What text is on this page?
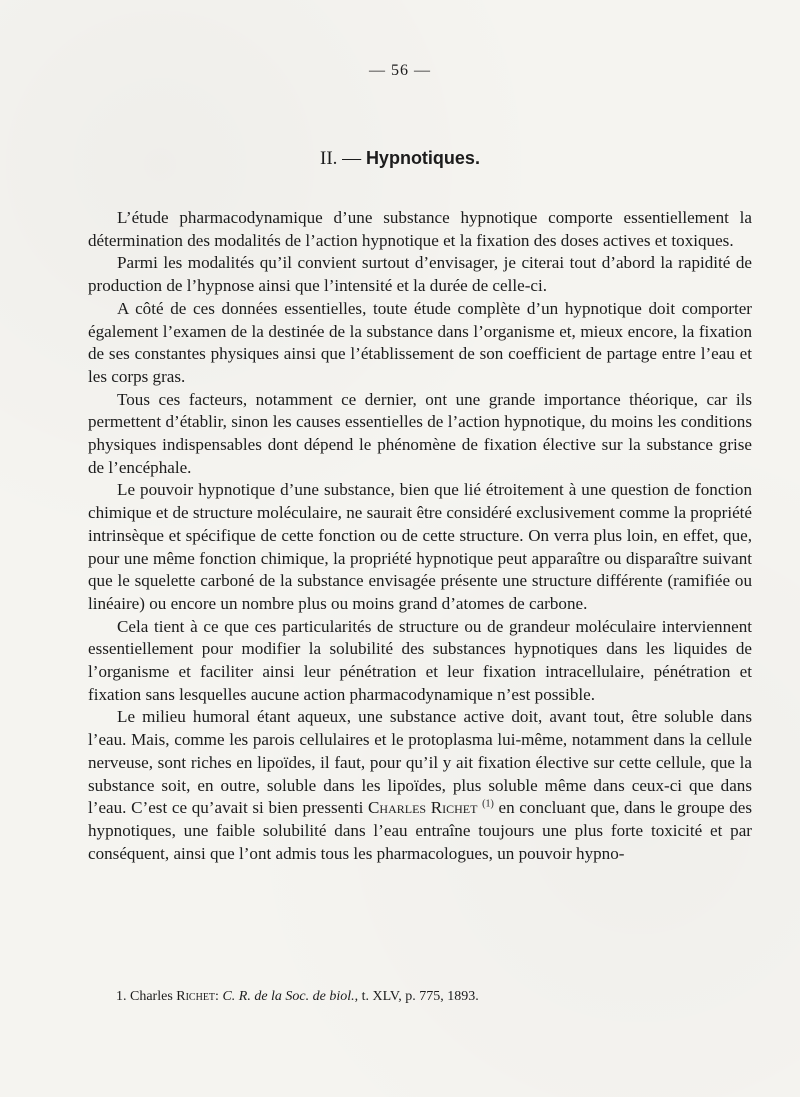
— 56 —
II. — Hypnotiques.

L’étude pharmacodynamique d’une substance hypnotique comporte essentiellement la détermination des modalités de l’action hypnotique et la fixation des doses actives et toxiques.

Parmi les modalités qu’il convient surtout d’envisager, je citerai tout d’abord la rapidité de production de l’hypnose ainsi que l’intensité et la durée de celle-ci.

A côté de ces données essentielles, toute étude complète d’un hypnotique doit comporter également l’examen de la destinée de la substance dans l’organisme et, mieux encore, la fixation de ses constantes physiques ainsi que l’établissement de son coefficient de partage entre l’eau et les corps gras.

Tous ces facteurs, notamment ce dernier, ont une grande importance théorique, car ils permettent d’établir, sinon les causes essentielles de l’action hypnotique, du moins les conditions physiques indispensables dont dépend le phénomène de fixation élective sur la substance grise de l’encéphale.

Le pouvoir hypnotique d’une substance, bien que lié étroitement à une question de fonction chimique et de structure moléculaire, ne saurait être considéré exclusivement comme la propriété intrinsèque et spécifique de cette fonction ou de cette structure. On verra plus loin, en effet, que, pour une même fonction chimique, la propriété hypnotique peut apparaître ou disparaître suivant que le squelette carboné de la substance envisagée présente une structure différente (ramifiée ou linéaire) ou encore un nombre plus ou moins grand d’atomes de carbone.

Cela tient à ce que ces particularités de structure ou de grandeur moléculaire interviennent essentiellement pour modifier la solubilité des substances hypnotiques dans les liquides de l’organisme et faciliter ainsi leur pénétration et leur fixation intracellulaire, pénétration et fixation sans lesquelles aucune action pharmacodynamique n’est possible.

Le milieu humoral étant aqueux, une substance active doit, avant tout, être soluble dans l’eau. Mais, comme les parois cellulaires et le protoplasma lui-même, notamment dans la cellule nerveuse, sont riches en lipoïdes, il faut, pour qu’il y ait fixation élective sur cette cellule, que la substance soit, en outre, soluble dans les lipoïdes, plus soluble même dans ceux-ci que dans l’eau. C’est ce qu’avait si bien pressenti Charles Richet $^{(1)}$ en concluant que, dans le groupe des hypnotiques, une faible solubilité dans l’eau entraîne toujours une plus forte toxicité et par conséquent, ainsi que l’ont admis tous les pharmacologues, un pouvoir hypno-

1. Charles Richet: C. R. de la Soc. de biol., t. XLV, p. 775, 1893.
